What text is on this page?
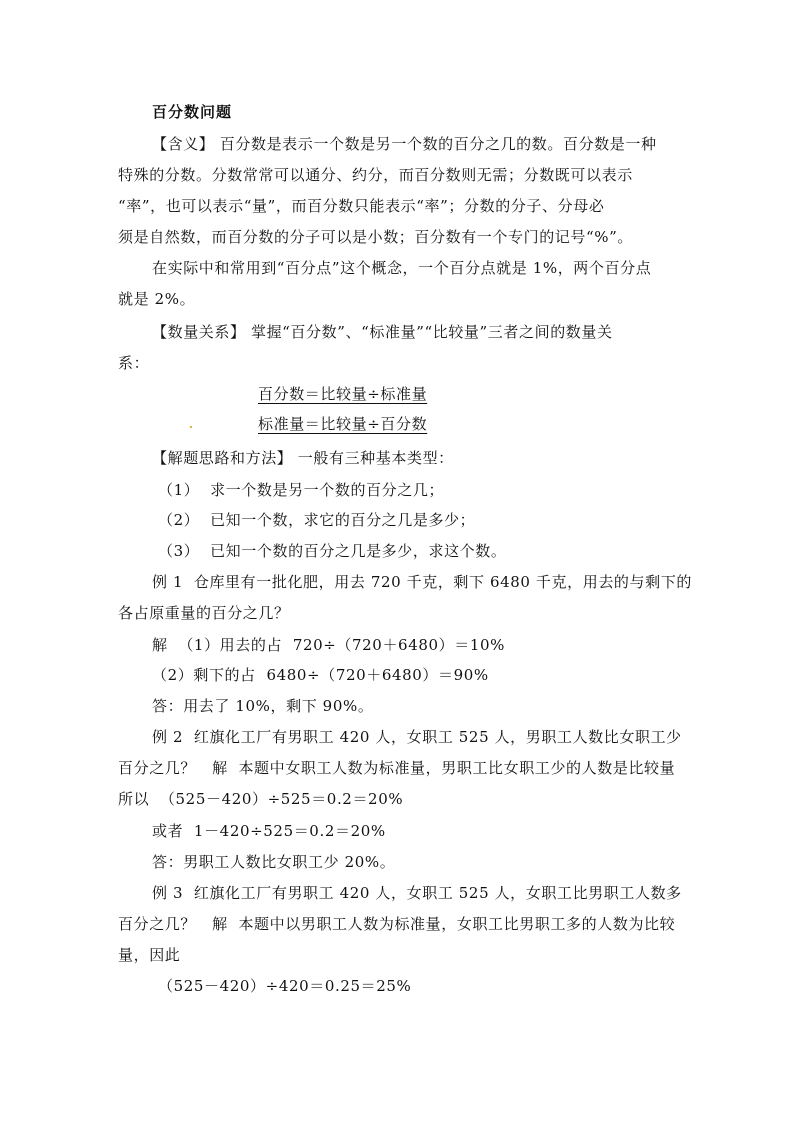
百分数问题
【含义】 百分数是表示一个数是另一个数的百分之几的数。百分数是一种
特殊的分数。分数常常可以通分、约分，而百分数则无需；分数既可以表示
“率”，也可以表示“量”，而百分数只能表示“率”；分数的分子、分母必
须是自然数，而百分数的分子可以是小数；百分数有一个专门的记号“%”。
在实际中和常用到“百分点”这个概念，一个百分点就是 1%，两个百分点
就是 2%。
【数量关系】 掌握“百分数”、“标准量”“比较量”三者之间的数量关
系：
百分数＝比较量÷标准量
标准量＝比较量÷百分数
【解题思路和方法】 一般有三种基本类型：
（1）  求一个数是另一个数的百分之几；
（2）  已知一个数，求它的百分之几是多少；
（3）  已知一个数的百分之几是多少，求这个数。
例 1  仓库里有一批化肥，用去 720 千克，剩下 6480 千克，用去的与剩下的
各占原重量的百分之几？
解  （1）用去的占  720÷（720＋6480）＝10%
（2）剩下的占  6480÷（720＋6480）＝90%
答：用去了 10%，剩下 90%。
例 2  红旗化工厂有男职工 420 人，女职工 525 人，男职工人数比女职工少
百分之几？   解  本题中女职工人数为标准量，男职工比女职工少的人数是比较量
所以  （525－420）÷525＝0.2＝20%
或者  1－420÷525＝0.2＝20%
答：男职工人数比女职工少 20%。
例 3  红旗化工厂有男职工 420 人，女职工 525 人，女职工比男职工人数多
百分之几？   解  本题中以男职工人数为标准量，女职工比男职工多的人数为比较
量，因此
（525－420）÷420＝0.25＝25%
